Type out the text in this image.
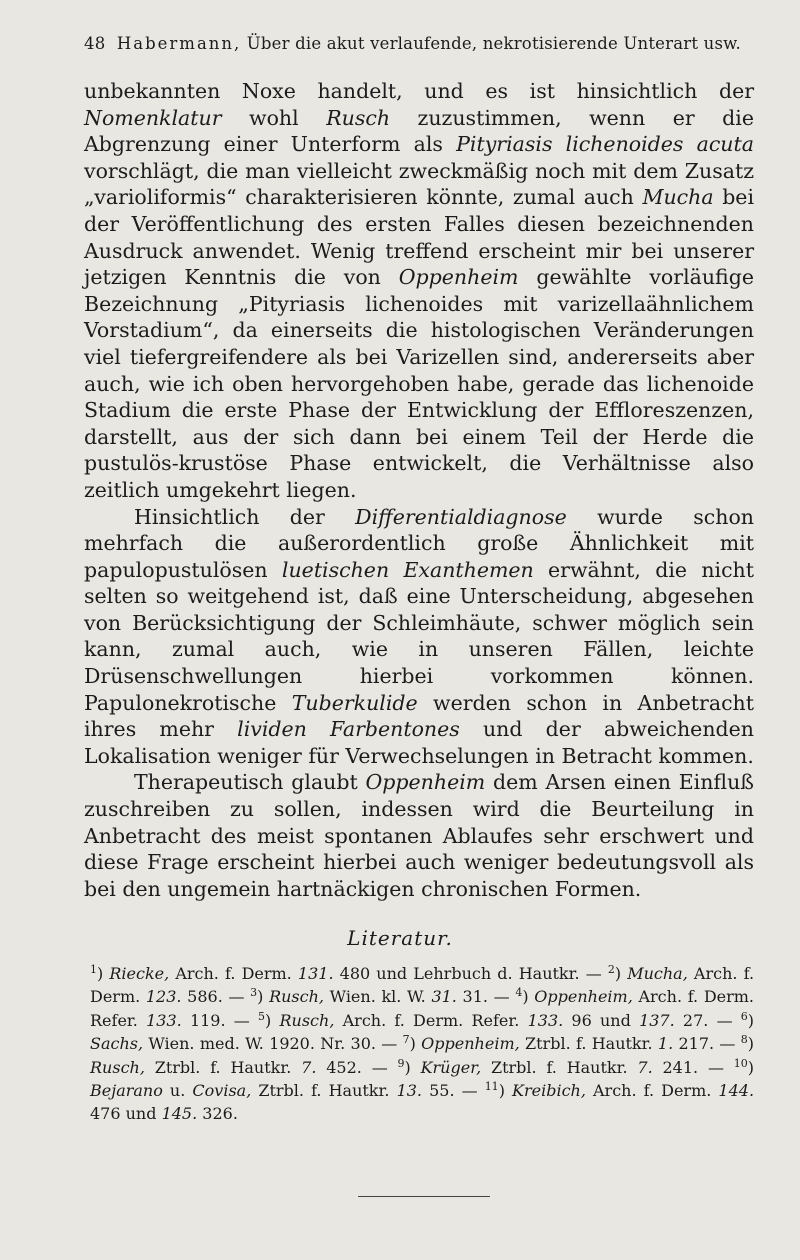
48 Habermann, Über die akut verlaufende, nekrotisierende Unterart usw.

unbekannten Noxe handelt, und es ist hinsichtlich der Nomenklatur wohl Rusch zuzustimmen, wenn er die Abgrenzung einer Unterform als Pityriasis lichenoides acuta vorschlägt, die man vielleicht zweckmäßig noch mit dem Zusatz „varioliformis“ charakterisieren könnte, zumal auch Mucha bei der Veröffentlichung des ersten Falles diesen bezeichnenden Ausdruck anwendet. Wenig treffend erscheint mir bei unserer jetzigen Kenntnis die von Oppenheim gewählte vorläufige Bezeichnung „Pityriasis lichenoides mit varizellaähnlichem Vorstadium“, da einerseits die histologischen Veränderungen viel tiefergreifendere als bei Varizellen sind, andererseits aber auch, wie ich oben hervorgehoben habe, gerade das lichenoide Stadium die erste Phase der Entwicklung der Effloreszenzen, darstellt, aus der sich dann bei einem Teil der Herde die pustulös-krustöse Phase entwickelt, die Verhältnisse also zeitlich umgekehrt liegen.

Hinsichtlich der Differentialdiagnose wurde schon mehrfach die außerordentlich große Ähnlichkeit mit papulopustulösen luetischen Exanthemen erwähnt, die nicht selten so weitgehend ist, daß eine Unterscheidung, abgesehen von Berücksichtigung der Schleimhäute, schwer möglich sein kann, zumal auch, wie in unseren Fällen, leichte Drüsenschwellungen hierbei vorkommen können. Papulonekrotische Tuberkulide werden schon in Anbetracht ihres mehr lividen Farbentones und der abweichenden Lokalisation weniger für Verwechselungen in Betracht kommen.

Therapeutisch glaubt Oppenheim dem Arsen einen Einfluß zuschreiben zu sollen, indessen wird die Beurteilung in Anbetracht des meist spontanen Ablaufes sehr erschwert und diese Frage erscheint hierbei auch weniger bedeutungsvoll als bei den ungemein hartnäckigen chronischen Formen.

Literatur.
$^1$) Riecke, Arch. f. Derm. 131. 480 und Lehrbuch d. Hautkr. — $^2$) Mucha, Arch. f. Derm. 123. 586. — $^3$) Rusch, Wien. kl. W. 31. 31. — $^4$) Oppenheim, Arch. f. Derm. Refer. 133. 119. — $^5$) Rusch, Arch. f. Derm. Refer. 133. 96 und 137. 27. — $^6$) Sachs, Wien. med. W. 1920. Nr. 30. — $^7$) Oppenheim, Ztrbl. f. Hautkr. 1. 217. — $^8$) Rusch, Ztrbl. f. Hautkr. 7. 452. — $^9$) Krüger, Ztrbl. f. Hautkr. 7. 241. — $^{10}$) Bejarano u. Covisa, Ztrbl. f. Hautkr. 13. 55. — $^{11}$) Kreibich, Arch. f. Derm. 144. 476 und 145. 326.
